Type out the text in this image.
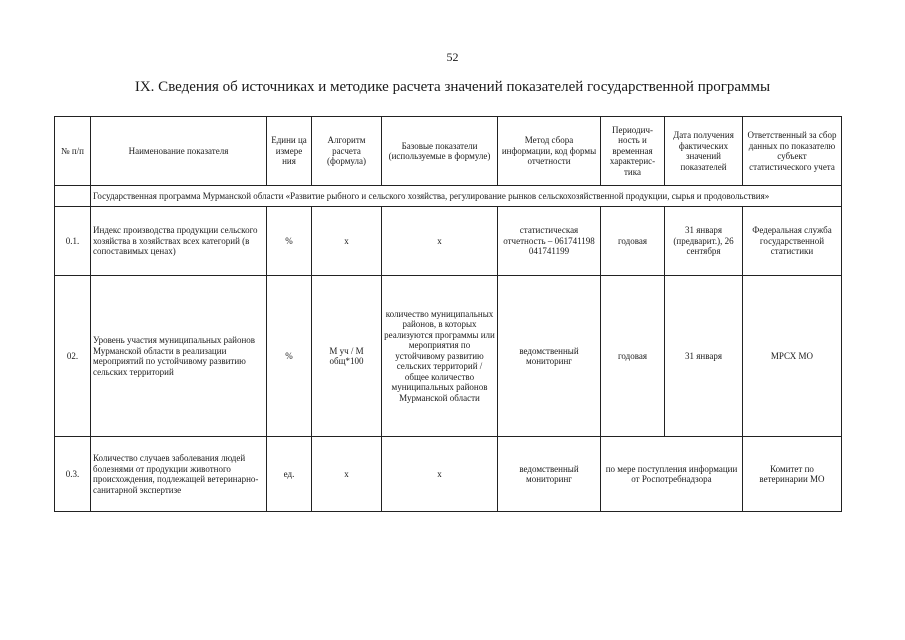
52
IX. Сведения об источниках и методике расчета значений показателей государственной программы
№ п/п	Наименование показателя	Едини ца измере ния	Алгоритм расчета (формула)	Базовые показатели (используемые в формуле)	Метод сбора информации, код формы отчетности	Периодич- ность и временная характерис- тика	Дата получения фактических значений показателей	Ответственный за сбор данных по показателю субъект статистического учета
	Государственная программа Мурманской области «Развитие рыбного и сельского хозяйства, регулирование рынков сельскохозяйственной продукции, сырья и продовольствия»							
0.1.	Индекс производства продукции сельского хозяйства в хозяйствах всех категорий (в сопоставимых ценах)	%	х	х	статистическая отчетность – 061741198 041741199	годовая	31 января (предварит.), 26 сентября	Федеральная служба государственной статистики
02.	Уровень участия муниципальных районов Мурманской области в реализации мероприятий по устойчивому развитию сельских территорий	%	М уч / М общ*100	количество муниципальных районов, в которых реализуются программы или мероприятия по устойчивому развитию сельских территорий / общее количество муниципальных районов Мурманской области	ведомственный мониторинг	годовая	31 января	МРСХ МО
0.3.	Количество случаев заболевания людей болезнями от продукции животного происхождения, подлежащей ветеринарно-санитарной экспертизе	ед.	х	х	ведомственный мониторинг	по мере поступления информации от Роспотребнадзора		Комитет по ветеринарии МО
